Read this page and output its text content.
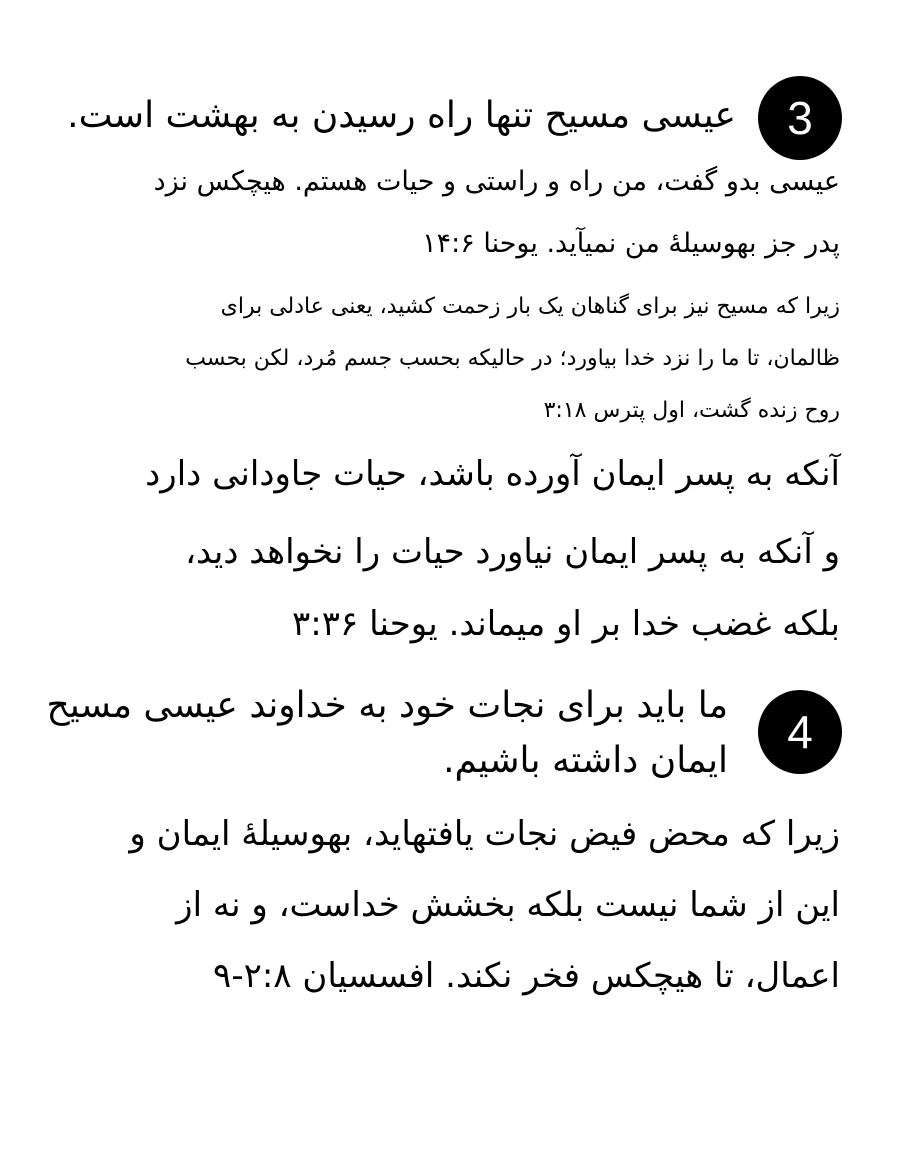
3
عیسی مسیح تنها راه رسیدن به بهشت است.
عیسی بدو گفت، من راه و راستی و حیات هستم. هیچکس نزد
پدر جز بهوسیلهٔ من نمیآید. یوحنا ۱۴:۶
زیرا که مسیح نیز برای گناهان یک بار زحمت کشید، یعنی عادلی برای
ظالمان، تا ما را نزد خدا بیاورد؛ در حالیکه بحسب جسم مُرد، لکن بحسب
روح زنده گشت، اول پترس ۳:۱۸
آنکه به پسر ایمان آورده باشد، حیات جاودانی دارد
و آنکه به پسر ایمان نیاورد حیات را نخواهد دید،
بلکه غضب خدا بر او میماند. یوحنا ۳:۳۶
4
ما باید برای نجات خود به خداوند عیسی مسیح
ایمان داشته باشیم.
زیرا که محض فیض نجات یافتهاید، بهوسیلهٔ ایمان و
این از شما نیست بلکه بخشش خداست، و نه از
اعمال، تا هیچکس فخر نکند. افسسیان ۲:۸-۹
